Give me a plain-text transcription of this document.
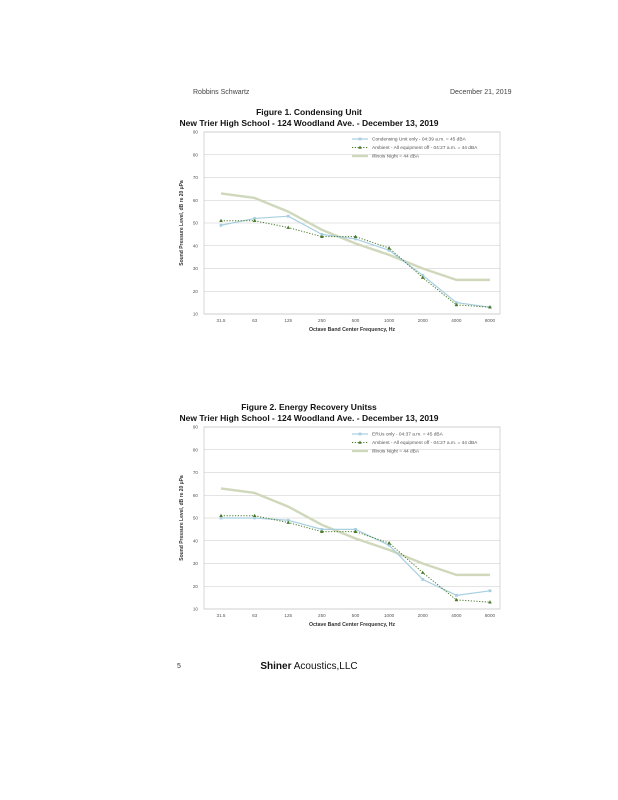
Robbins Schwartz	December 21, 2019
Figure 1. Condensing Unit
New Trier High School - 124 Woodland Ave. - December 13, 2019
10
20
30
40
50
60
70
80
90
31.5	63	125	250	500	1000	2000	4000	8000
Octave Band Center Frequency, Hz
Sound Pressure Level, dB re 20 µPa
Condensing Unit only - 04:39 a.m. = 45 dBA
Ambient - All equipment off - 04:27 a.m. = 44 dBA
Illinois Night = 44 dBA
Figure 2. Energy Recovery Unitss
New Trier High School - 124 Woodland Ave. - December 13, 2019
10
20
30
40
50
60
70
80
90
31.5	63	125	250	500	1000	2000	4000	8000
Octave Band Center Frequency, Hz
Sound Pressure Level, dB re 20 µPa
ERUs only - 04:37 a.m. = 45 dBA
Ambient - All equipment off - 04:27 a.m. = 44 dBA
Illinois Night = 44 dBA
5	Shiner Acoustics,LLC
